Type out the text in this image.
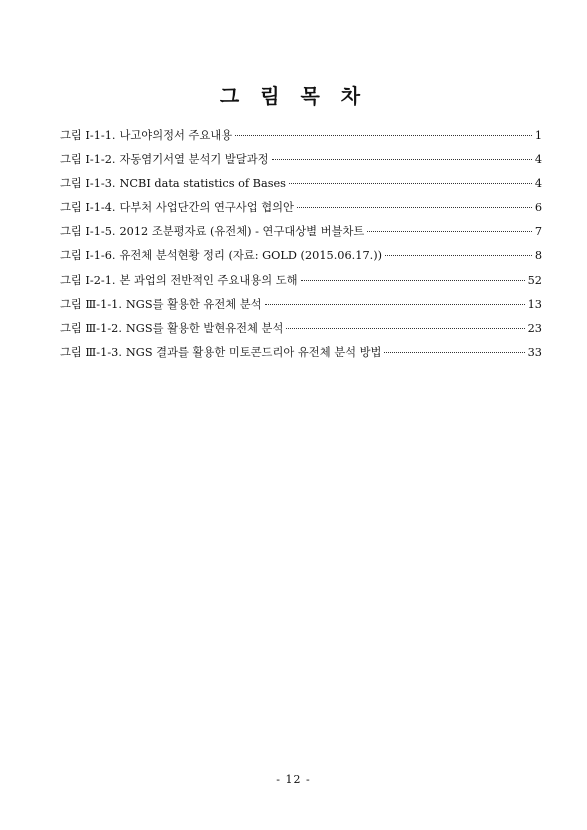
그 림 목 차
그림 Ⅰ-1-1. 나고야의정서 주요내용	1
그림 Ⅰ-1-2. 자동염기서열 분석기 발달과정	4
그림 Ⅰ-1-3. NCBI data statistics of Bases	4
그림 Ⅰ-1-4. 다부처 사업단간의 연구사업 협의안	6
그림 Ⅰ-1-5. 2012 조분평자료 (유전체) - 연구대상별 버블차트	7
그림 Ⅰ-1-6. 유전체 분석현황 정리 (자료: GOLD (2015.06.17.))	8
그림 Ⅰ-2-1. 본 과업의 전반적인 주요내용의 도해	52
그림 Ⅲ-1-1. NGS를 활용한 유전체 분석	13
그림 Ⅲ-1-2. NGS를 활용한 발현유전체 분석	23
그림 Ⅲ-1-3. NGS 결과를 활용한 미토콘드리아 유전체 분석 방법	33
- 12 -
